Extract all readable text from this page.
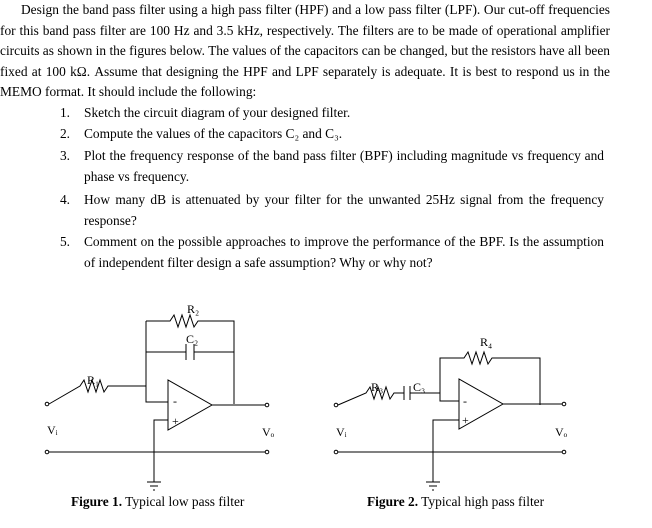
Design the band pass filter using a high pass filter (HPF) and a low pass filter (LPF). Our cut-off frequencies for this band pass filter are 100 Hz and 3.5 kHz, respectively. The filters are to be made of operational amplifier circuits as shown in the figures below. The values of the capacitors can be changed, but the resistors have all been fixed at 100 kΩ. Assume that designing the HPF and LPF separately is adequate. It is best to respond us in the MEMO format. It should include the following:

1. Sketch the circuit diagram of your designed filter.
2. Compute the values of the capacitors C₂ and C₃.
3. Plot the frequency response of the band pass filter (BPF) including magnitude vs frequency and phase vs frequency.
4. How many dB is attenuated by your filter for the unwanted 25Hz signal from the frequency response?
5. Comment on the possible approaches to improve the performance of the BPF. Is the assumption of independent filter design a safe assumption? Why or why not?
R₂
C₂
R₁
-
+
Vᵢ	Vₒ
R₄
R₃ C₃
-
+
Vᵢ	Vₒ
Figure 1. Typical low pass filter	Figure 2. Typical high pass filter
